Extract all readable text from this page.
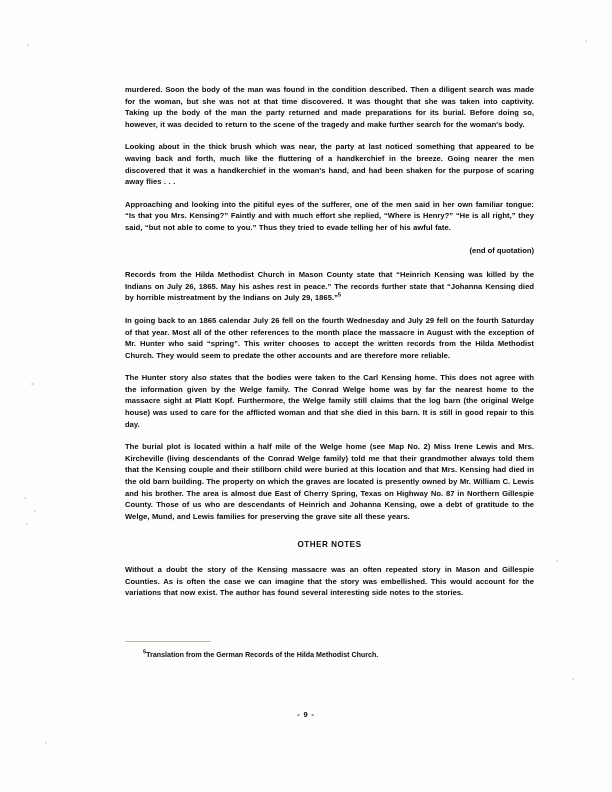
murdered. Soon the body of the man was found in the condition described. Then a diligent search was made for the woman, but she was not at that time discovered. It was thought that she was taken into captivity. Taking up the body of the man the party returned and made preparations for its burial. Before doing so, however, it was decided to return to the scene of the tragedy and make further search for the woman's body.

Looking about in the thick brush which was near, the party at last noticed something that appeared to be waving back and forth, much like the fluttering of a handkerchief in the breeze. Going nearer the men discovered that it was a handkerchief in the woman's hand, and had been shaken for the purpose of scaring away flies . . .

Approaching and looking into the pitiful eyes of the sufferer, one of the men said in her own familiar tongue: “Is that you Mrs. Kensing?” Faintly and with much effort she replied, “Where is Henry?” “He is all right,” they said, “but not able to come to you.” Thus they tried to evade telling her of his awful fate.

(end of quotation)

Records from the Hilda Methodist Church in Mason County state that “Heinrich Kensing was killed by the Indians on July 26, 1865. May his ashes rest in peace.” The records further state that “Johanna Kensing died by horrible mistreatment by the Indians on July 29, 1865.”$^5$

In going back to an 1865 calendar July 26 fell on the fourth Wednesday and July 29 fell on the fourth Saturday of that year. Most all of the other references to the month place the massacre in August with the exception of Mr. Hunter who said “spring”. This writer chooses to accept the written records from the Hilda Methodist Church. They would seem to predate the other accounts and are therefore more reliable.

The Hunter story also states that the bodies were taken to the Carl Kensing home. This does not agree with the information given by the Welge family. The Conrad Welge home was by far the nearest home to the massacre sight at Platt Kopf. Furthermore, the Welge family still claims that the log barn (the original Welge house) was used to care for the afflicted woman and that she died in this barn. It is still in good repair to this day.

The burial plot is located within a half mile of the Welge home (see Map No. 2) Miss Irene Lewis and Mrs. Kircheville (living descendants of the Conrad Welge family) told me that their grandmother always told them that the Kensing couple and their stillborn child were buried at this location and that Mrs. Kensing had died in the old barn building. The property on which the graves are located is presently owned by Mr. William C. Lewis and his brother. The area is almost due East of Cherry Spring, Texas on Highway No. 87 in Northern Gillespie County. Those of us who are descendants of Heinrich and Johanna Kensing, owe a debt of gratitude to the Welge, Mund, and Lewis families for preserving the grave site all these years.

OTHER NOTES

Without a doubt the story of the Kensing massacre was an often repeated story in Mason and Gillespie Counties. As is often the case we can imagine that the story was embellished. This would account for the variations that now exist. The author has found several interesting side notes to the stories.

$^5$Translation from the German Records of the Hilda Methodist Church.

- 9 -
